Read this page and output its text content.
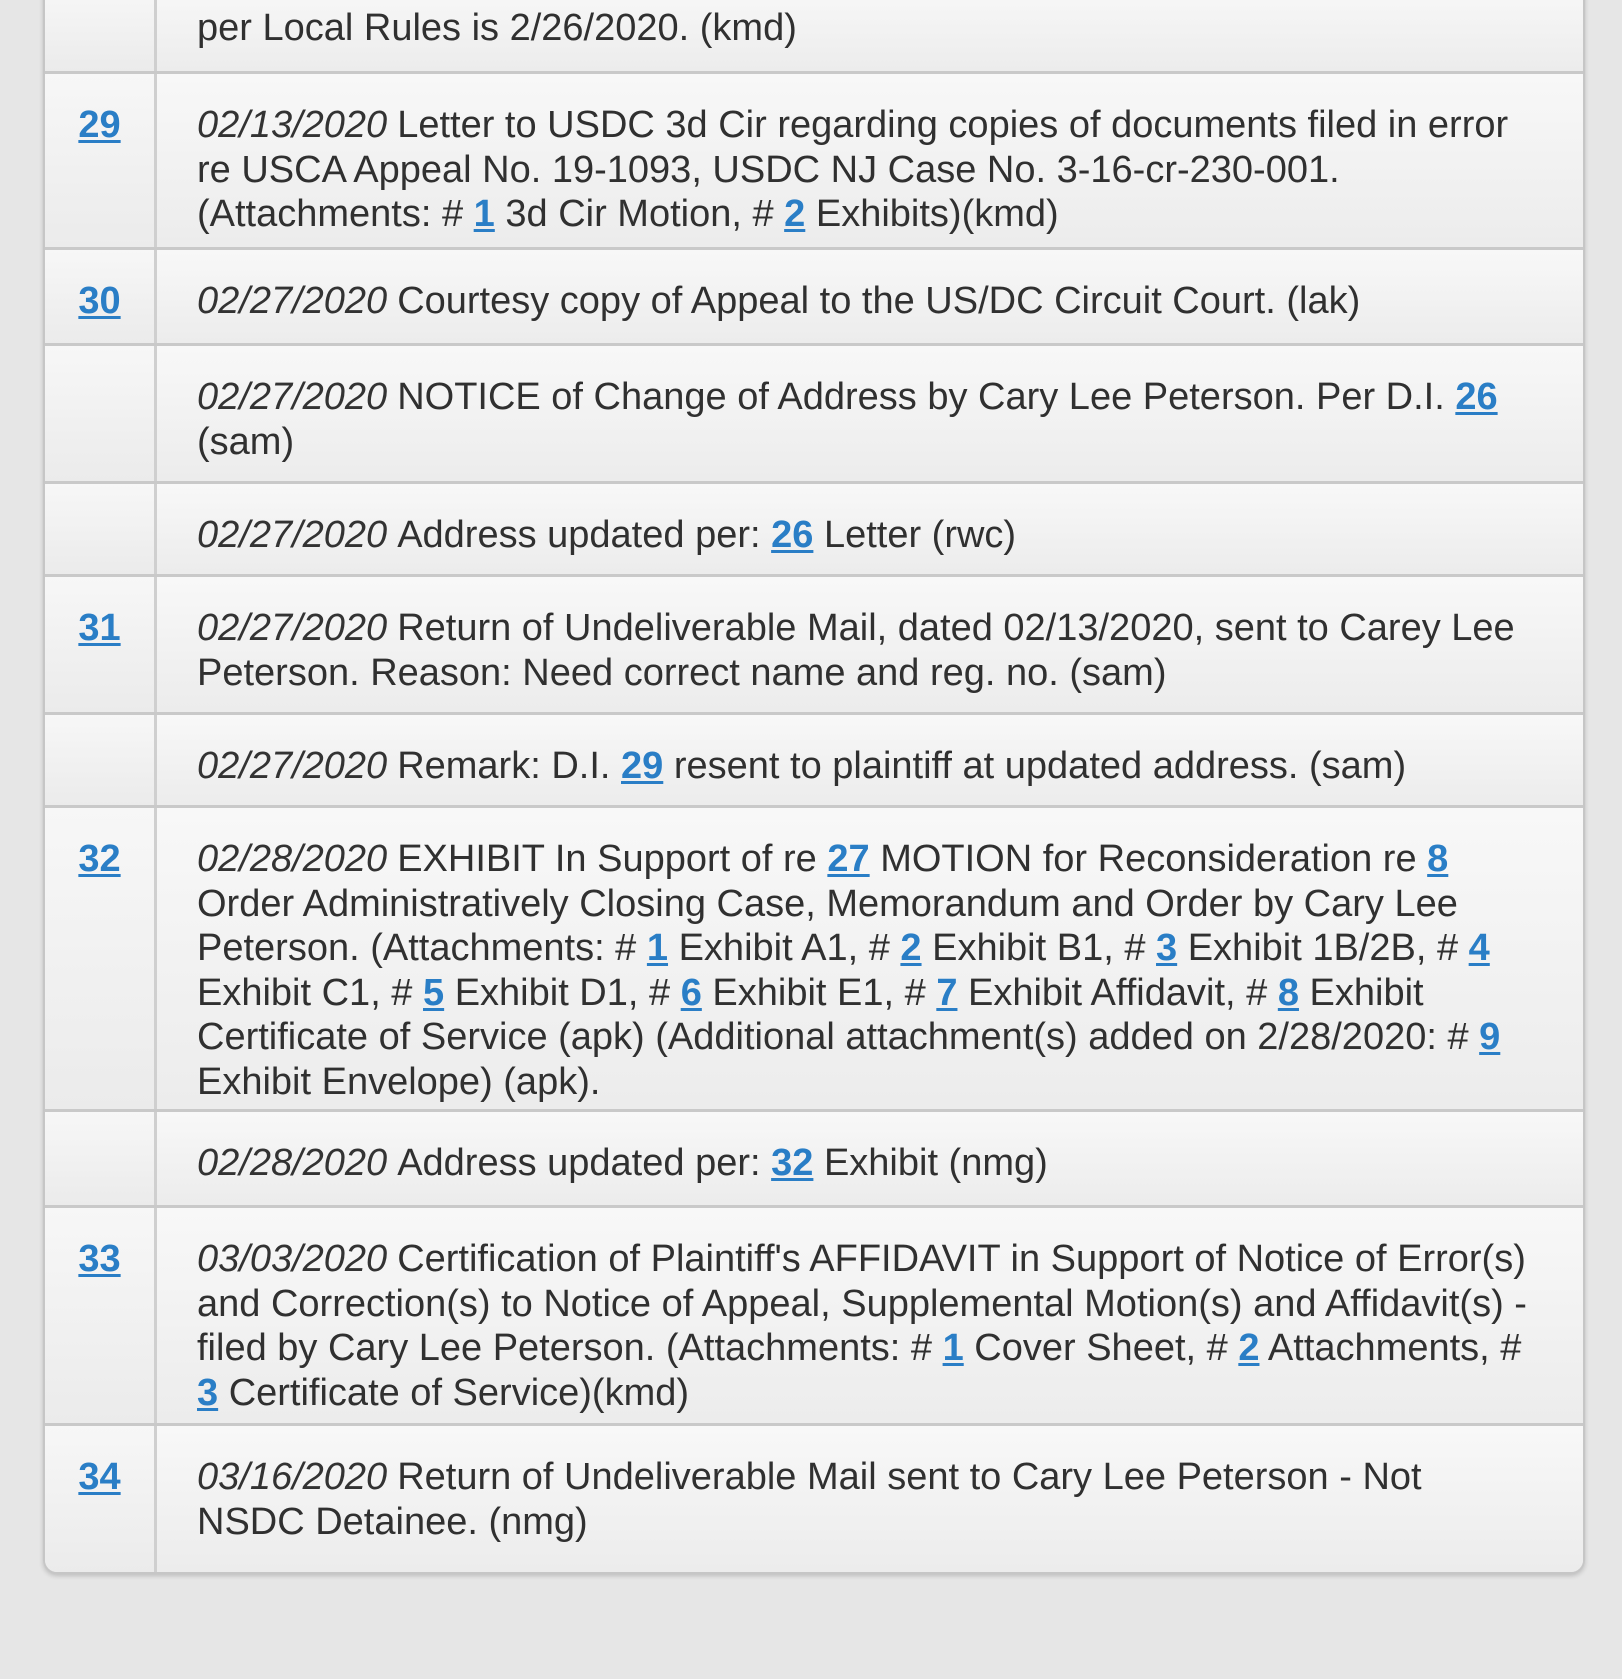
per Local Rules is 2/26/2020. (kmd)
29	02/13/2020 Letter to USDC 3d Cir regarding copies of documents filed in error re USCA Appeal No. 19-1093, USDC NJ Case No. 3-16-cr-230-001. (Attachments: # 1 3d Cir Motion, # 2 Exhibits)(kmd)
30	02/27/2020 Courtesy copy of Appeal to the US/DC Circuit Court. (lak)
02/27/2020 NOTICE of Change of Address by Cary Lee Peterson. Per D.I. 26 (sam)
02/27/2020 Address updated per: 26 Letter (rwc)
31	02/27/2020 Return of Undeliverable Mail, dated 02/13/2020, sent to Carey Lee Peterson. Reason: Need correct name and reg. no. (sam)
02/27/2020 Remark: D.I. 29 resent to plaintiff at updated address. (sam)
32	02/28/2020 EXHIBIT In Support of re 27 MOTION for Reconsideration re 8 Order Administratively Closing Case, Memorandum and Order by Cary Lee Peterson. (Attachments: # 1 Exhibit A1, # 2 Exhibit B1, # 3 Exhibit 1B/2B, # 4 Exhibit C1, # 5 Exhibit D1, # 6 Exhibit E1, # 7 Exhibit Affidavit, # 8 Exhibit Certificate of Service (apk) (Additional attachment(s) added on 2/28/2020: # 9 Exhibit Envelope) (apk).
02/28/2020 Address updated per: 32 Exhibit (nmg)
33	03/03/2020 Certification of Plaintiff's AFFIDAVIT in Support of Notice of Error(s) and Correction(s) to Notice of Appeal, Supplemental Motion(s) and Affidavit(s) - filed by Cary Lee Peterson. (Attachments: # 1 Cover Sheet, # 2 Attachments, # 3 Certificate of Service)(kmd)
34	03/16/2020 Return of Undeliverable Mail sent to Cary Lee Peterson - Not NSDC Detainee. (nmg)
